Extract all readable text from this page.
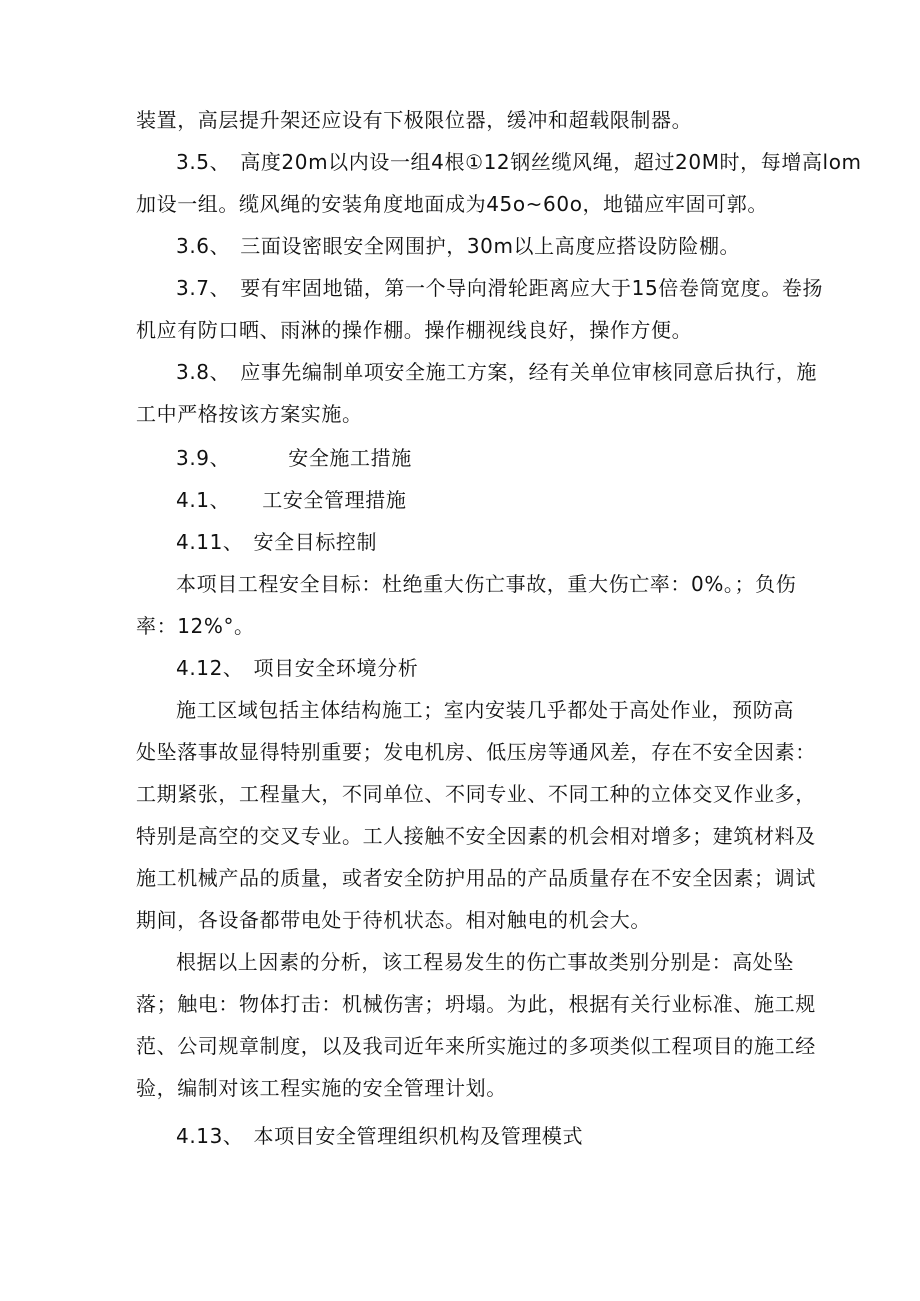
装置，高层提升架还应设有下极限位器，缓冲和超载限制器。
3.5、 高度20m以内设一组4根①12钢丝缆风绳，超过20M时，每增高lom
加设一组。缆风绳的安装角度地面成为45o~60o，地锚应牢固可郭。
3.6、 三面设密眼安全网围护，30m以上高度应搭设防险棚。
3.7、 要有牢固地锚，第一个导向滑轮距离应大于15倍卷筒宽度。卷扬
机应有防口晒、雨淋的操作棚。操作棚视线良好，操作方便。
3.8、 应事先编制单项安全施工方案，经有关单位审核同意后执行，施
工中严格按该方案实施。
3.9、	安全施工措施
4.1、 工安全管理措施
4.11、 安全目标控制
本项目工程安全目标：杜绝重大伤亡事故，重大伤亡率：0%。；负伤
率：12%°。
4.12、 项目安全环境分析
施工区域包括主体结构施工；室内安装几乎都处于高处作业，预防高
处坠落事故显得特别重要；发电机房、低压房等通风差，存在不安全因素：
工期紧张，工程量大，不同单位、不同专业、不同工种的立体交叉作业多，
特别是高空的交叉专业。工人接触不安全因素的机会相对增多；建筑材料及
施工机械产品的质量，或者安全防护用品的产品质量存在不安全因素；调试
期间，各设备都带电处于待机状态。相对触电的机会大。
根据以上因素的分析，该工程易发生的伤亡事故类别分别是：高处坠
落；触电：物体打击：机械伤害；坍塌。为此，根据有关行业标准、施工规
范、公司规章制度，以及我司近年来所实施过的多项类似工程项目的施工经
验，编制对该工程实施的安全管理计划。
4.13、 本项目安全管理组织机构及管理模式
